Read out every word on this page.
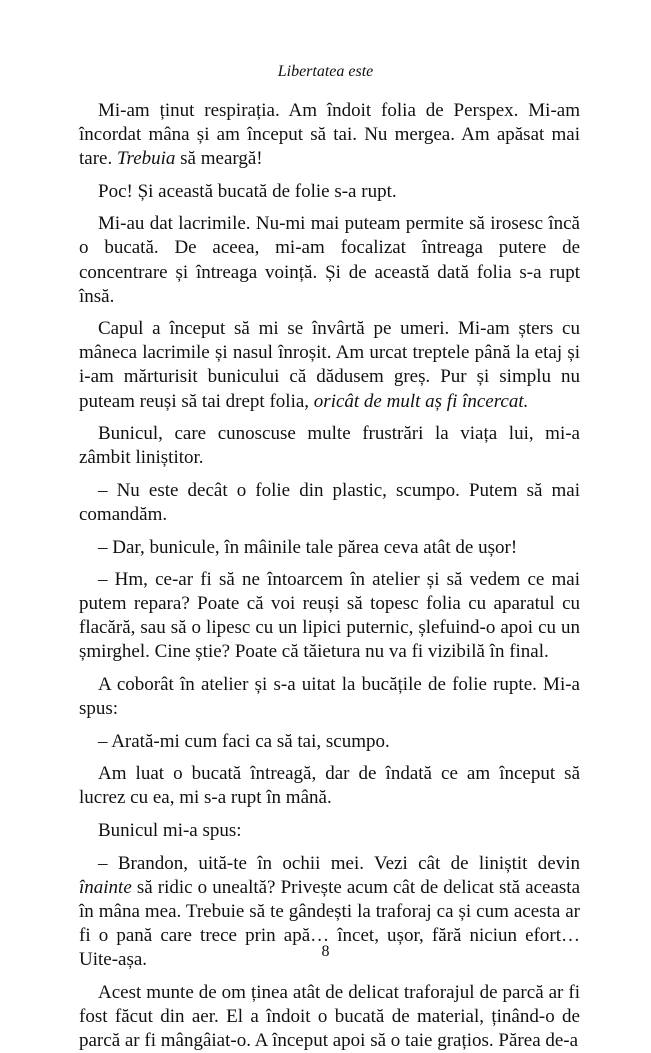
Libertatea este

Mi-am ținut respirația. Am îndoit folia de Perspex. Mi-am încordat mâna și am început să tai. Nu mergea. Am apăsat mai tare. Trebuia să meargă!

Poc! Și această bucată de folie s-a rupt.

Mi-au dat lacrimile. Nu-mi mai puteam permite să irosesc încă o bucată. De aceea, mi-am focalizat întreaga putere de concentrare și întreaga voință. Și de această dată folia s-a rupt însă.

Capul a început să mi se învârtă pe umeri. Mi-am șters cu mâneca lacrimile și nasul înroșit. Am urcat treptele până la etaj și i-am mărturisit bunicului că dădusem greș. Pur și simplu nu puteam reuși să tai drept folia, oricât de mult aș fi încercat.

Bunicul, care cunoscuse multe frustrări la viața lui, mi-a zâmbit liniștitor.

– Nu este decât o folie din plastic, scumpo. Putem să mai comandăm.

– Dar, bunicule, în mâinile tale părea ceva atât de ușor!

– Hm, ce-ar fi să ne întoarcem în atelier și să vedem ce mai putem repara? Poate că voi reuși să topesc folia cu aparatul cu flacără, sau să o lipesc cu un lipici puternic, șlefuind-o apoi cu un șmirghel. Cine știe? Poate că tăietura nu va fi vizibilă în final.

A coborât în atelier și s-a uitat la bucățile de folie rupte. Mi-a spus:

– Arată-mi cum faci ca să tai, scumpo.

Am luat o bucată întreagă, dar de îndată ce am început să lucrez cu ea, mi s-a rupt în mână.

Bunicul mi-a spus:

– Brandon, uită-te în ochii mei. Vezi cât de liniștit devin înainte să ridic o unealtă? Privește acum cât de delicat stă aceasta în mâna mea. Trebuie să te gândești la traforaj ca și cum acesta ar fi o pană care trece prin apă… încet, ușor, fără niciun efort… Uite-așa.

Acest munte de om ținea atât de delicat traforajul de parcă ar fi fost făcut din aer. El a îndoit o bucată de material, ținând-o de parcă ar fi mângâiat-o. A început apoi să o taie grațios. Părea de-a

8
